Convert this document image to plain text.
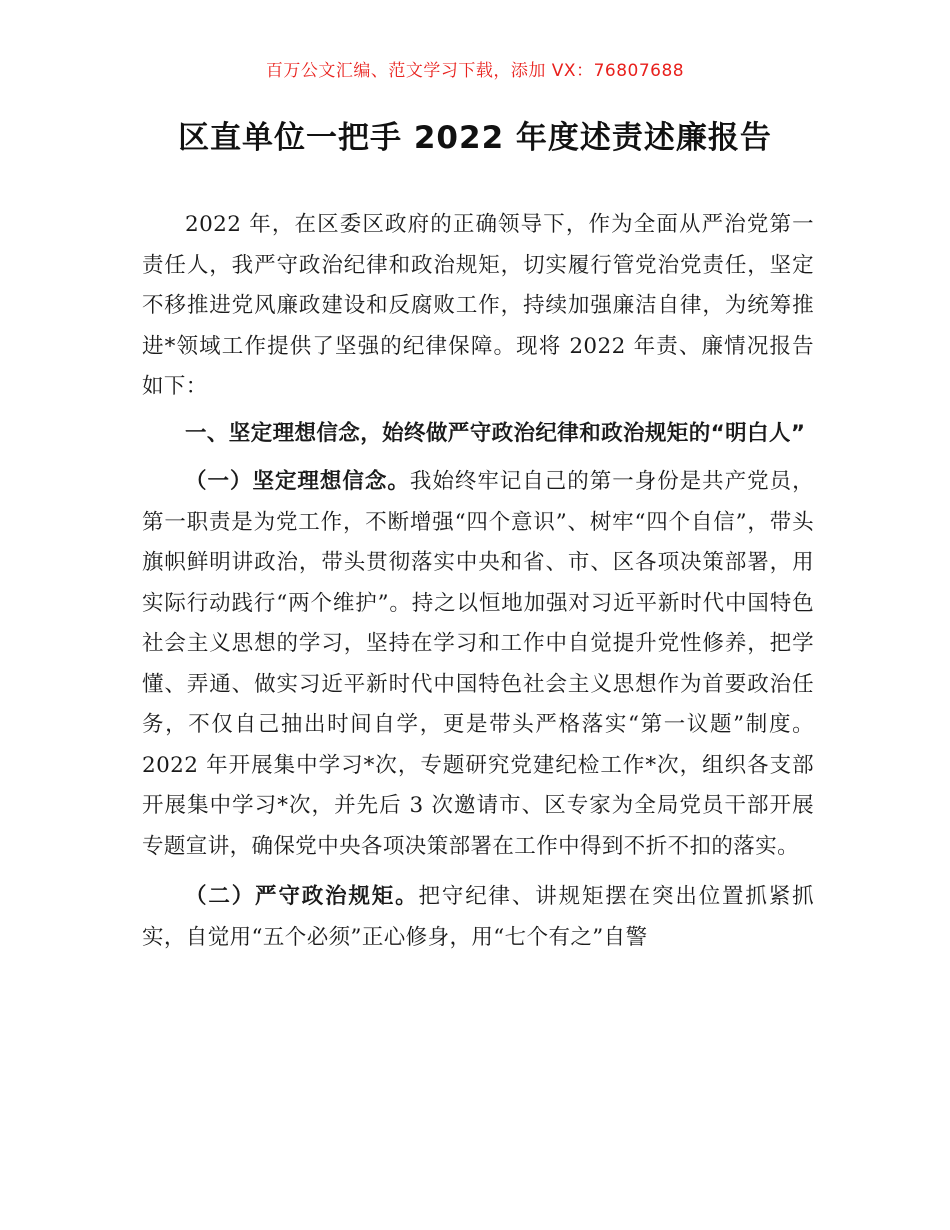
百万公文汇编、范文学习下载，添加 VX：76807688
区直单位一把手 2022 年度述责述廉报告

2022 年，在区委区政府的正确领导下，作为全面从严治党第一责任人，我严守政治纪律和政治规矩，切实履行管党治党责任，坚定不移推进党风廉政建设和反腐败工作，持续加强廉洁自律，为统筹推进*领域工作提供了坚强的纪律保障。现将 2022 年责、廉情况报告如下：

一、坚定理想信念，始终做严守政治纪律和政治规矩的“明白人”

（一）坚定理想信念。我始终牢记自己的第一身份是共产党员，第一职责是为党工作，不断增强“四个意识”、树牢“四个自信”，带头旗帜鲜明讲政治，带头贯彻落实中央和省、市、区各项决策部署，用实际行动践行“两个维护”。持之以恒地加强对习近平新时代中国特色社会主义思想的学习，坚持在学习和工作中自觉提升党性修养，把学懂、弄通、做实习近平新时代中国特色社会主义思想作为首要政治任务，不仅自己抽出时间自学，更是带头严格落实“第一议题”制度。2022 年开展集中学习*次，专题研究党建纪检工作*次，组织各支部开展集中学习*次，并先后 3 次邀请市、区专家为全局党员干部开展专题宣讲，确保党中央各项决策部署在工作中得到不折不扣的落实。

（二）严守政治规矩。把守纪律、讲规矩摆在突出位置抓紧抓实，自觉用“五个必须”正心修身，用“七个有之”自警
